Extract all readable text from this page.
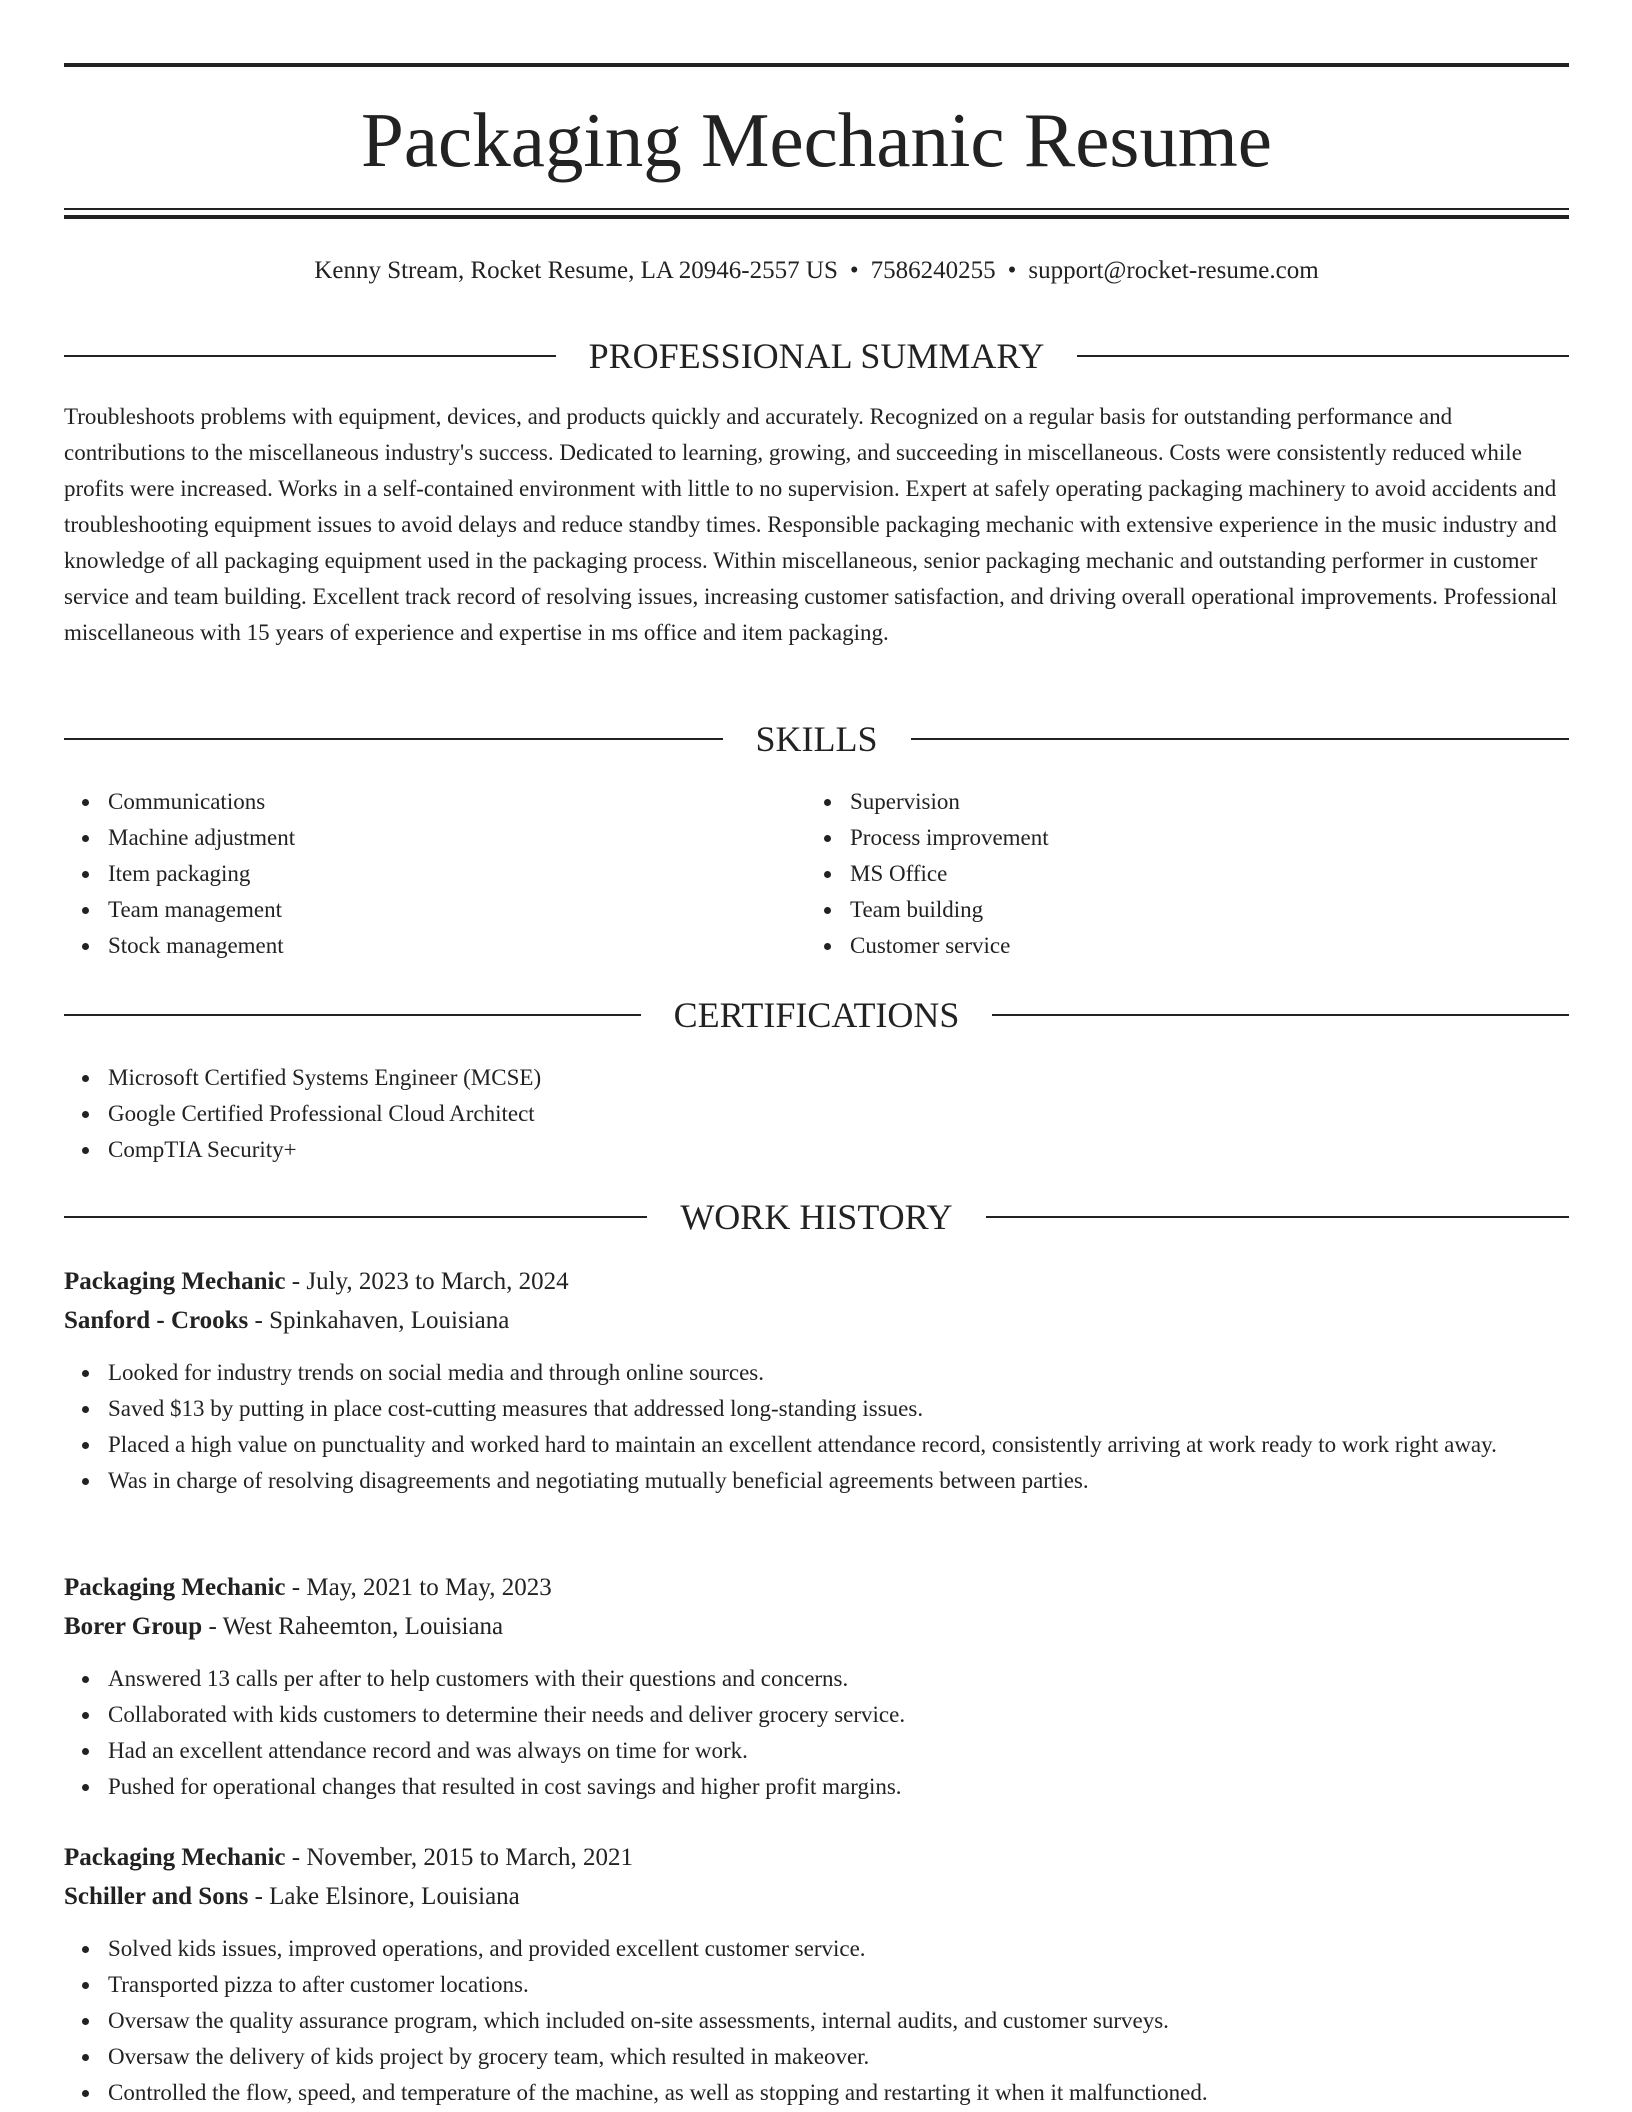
Packaging Mechanic Resume
Kenny Stream, Rocket Resume, LA 20946-2557 US • 7586240255 • support@rocket-resume.com
PROFESSIONAL SUMMARY

Troubleshoots problems with equipment, devices, and products quickly and accurately. Recognized on a regular basis for outstanding performance and contributions to the miscellaneous industry's success. Dedicated to learning, growing, and succeeding in miscellaneous. Costs were consistently reduced while profits were increased. Works in a self-contained environment with little to no supervision. Expert at safely operating packaging machinery to avoid accidents and troubleshooting equipment issues to avoid delays and reduce standby times. Responsible packaging mechanic with extensive experience in the music industry and knowledge of all packaging equipment used in the packaging process. Within miscellaneous, senior packaging mechanic and outstanding performer in customer service and team building. Excellent track record of resolving issues, increasing customer satisfaction, and driving overall operational improvements. Professional miscellaneous with 15 years of experience and expertise in ms office and item packaging.

SKILLS
Communications
Machine adjustment
Item packaging
Team management
Stock management
Supervision
Process improvement
MS Office
Team building
Customer service
CERTIFICATIONS
Microsoft Certified Systems Engineer (MCSE)
Google Certified Professional Cloud Architect
CompTIA Security+
WORK HISTORY
Packaging Mechanic - July, 2023 to March, 2024
Sanford - Crooks - Spinkahaven, Louisiana
Looked for industry trends on social media and through online sources.
Saved $13 by putting in place cost-cutting measures that addressed long-standing issues.
Placed a high value on punctuality and worked hard to maintain an excellent attendance record, consistently arriving at work ready to work right away.
Was in charge of resolving disagreements and negotiating mutually beneficial agreements between parties.
Packaging Mechanic - May, 2021 to May, 2023
Borer Group - West Raheemton, Louisiana
Answered 13 calls per after to help customers with their questions and concerns.
Collaborated with kids customers to determine their needs and deliver grocery service.
Had an excellent attendance record and was always on time for work.
Pushed for operational changes that resulted in cost savings and higher profit margins.
Packaging Mechanic - November, 2015 to March, 2021
Schiller and Sons - Lake Elsinore, Louisiana
Solved kids issues, improved operations, and provided excellent customer service.
Transported pizza to after customer locations.
Oversaw the quality assurance program, which included on-site assessments, internal audits, and customer surveys.
Oversaw the delivery of kids project by grocery team, which resulted in makeover.
Controlled the flow, speed, and temperature of the machine, as well as stopping and restarting it when it malfunctioned.
